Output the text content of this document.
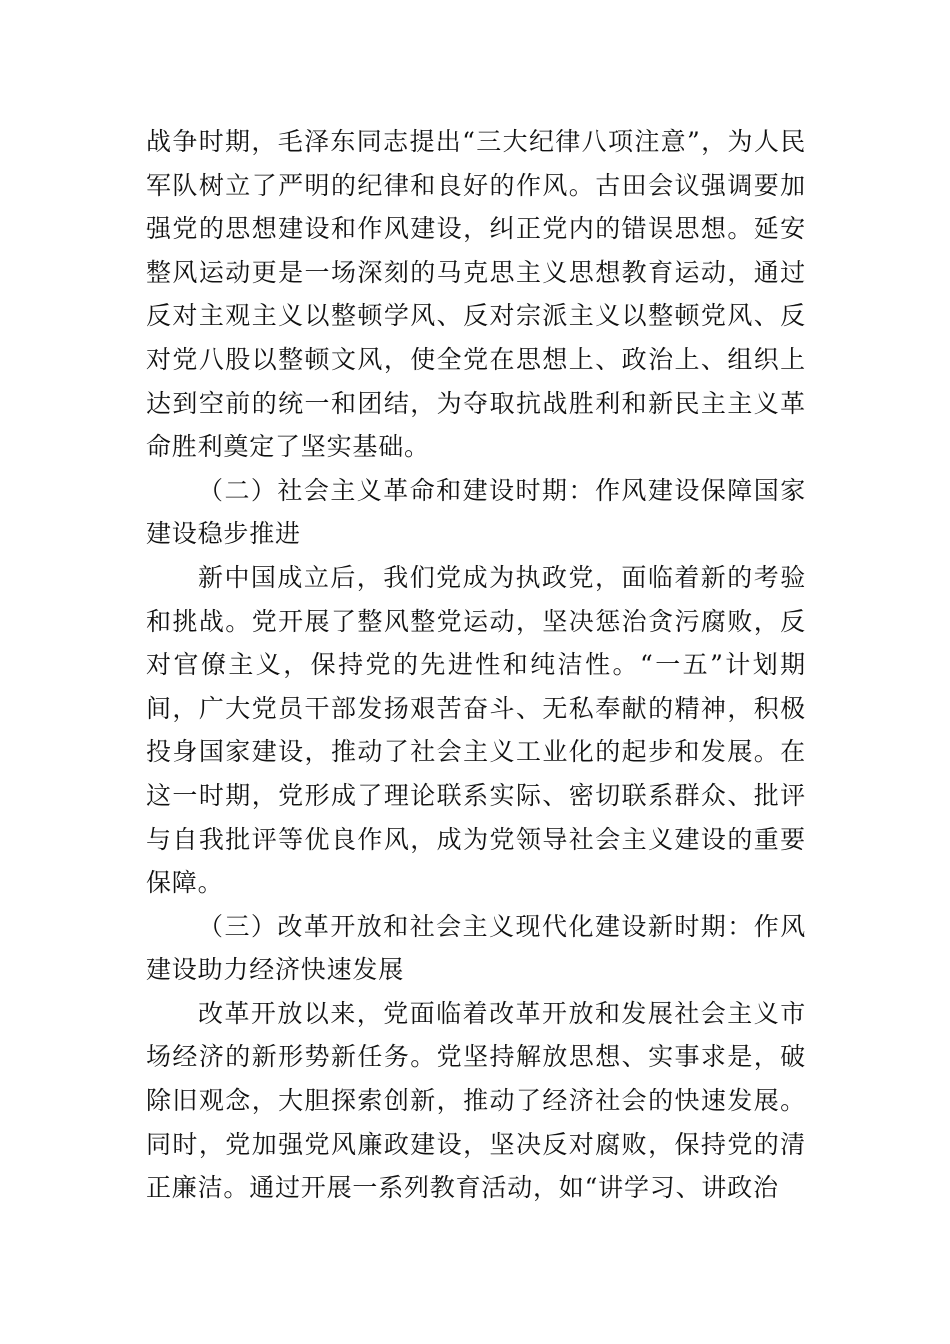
战争时期，毛泽东同志提出“三大纪律八项注意”，为人民军队树立了严明的纪律和良好的作风。古田会议强调要加强党的思想建设和作风建设，纠正党内的错误思想。延安整风运动更是一场深刻的马克思主义思想教育运动，通过反对主观主义以整顿学风、反对宗派主义以整顿党风、反对党八股以整顿文风，使全党在思想上、政治上、组织上达到空前的统一和团结，为夺取抗战胜利和新民主主义革命胜利奠定了坚实基础。

（二）社会主义革命和建设时期：作风建设保障国家建设稳步推进

新中国成立后，我们党成为执政党，面临着新的考验和挑战。党开展了整风整党运动，坚决惩治贪污腐败，反对官僚主义，保持党的先进性和纯洁性。“一五”计划期间，广大党员干部发扬艰苦奋斗、无私奉献的精神，积极投身国家建设，推动了社会主义工业化的起步和发展。在这一时期，党形成了理论联系实际、密切联系群众、批评与自我批评等优良作风，成为党领导社会主义建设的重要保障。

（三）改革开放和社会主义现代化建设新时期：作风建设助力经济快速发展

改革开放以来，党面临着改革开放和发展社会主义市场经济的新形势新任务。党坚持解放思想、实事求是，破除旧观念，大胆探索创新，推动了经济社会的快速发展。同时，党加强党风廉政建设，坚决反对腐败，保持党的清正廉洁。通过开展一系列教育活动，如“讲学习、讲政治
